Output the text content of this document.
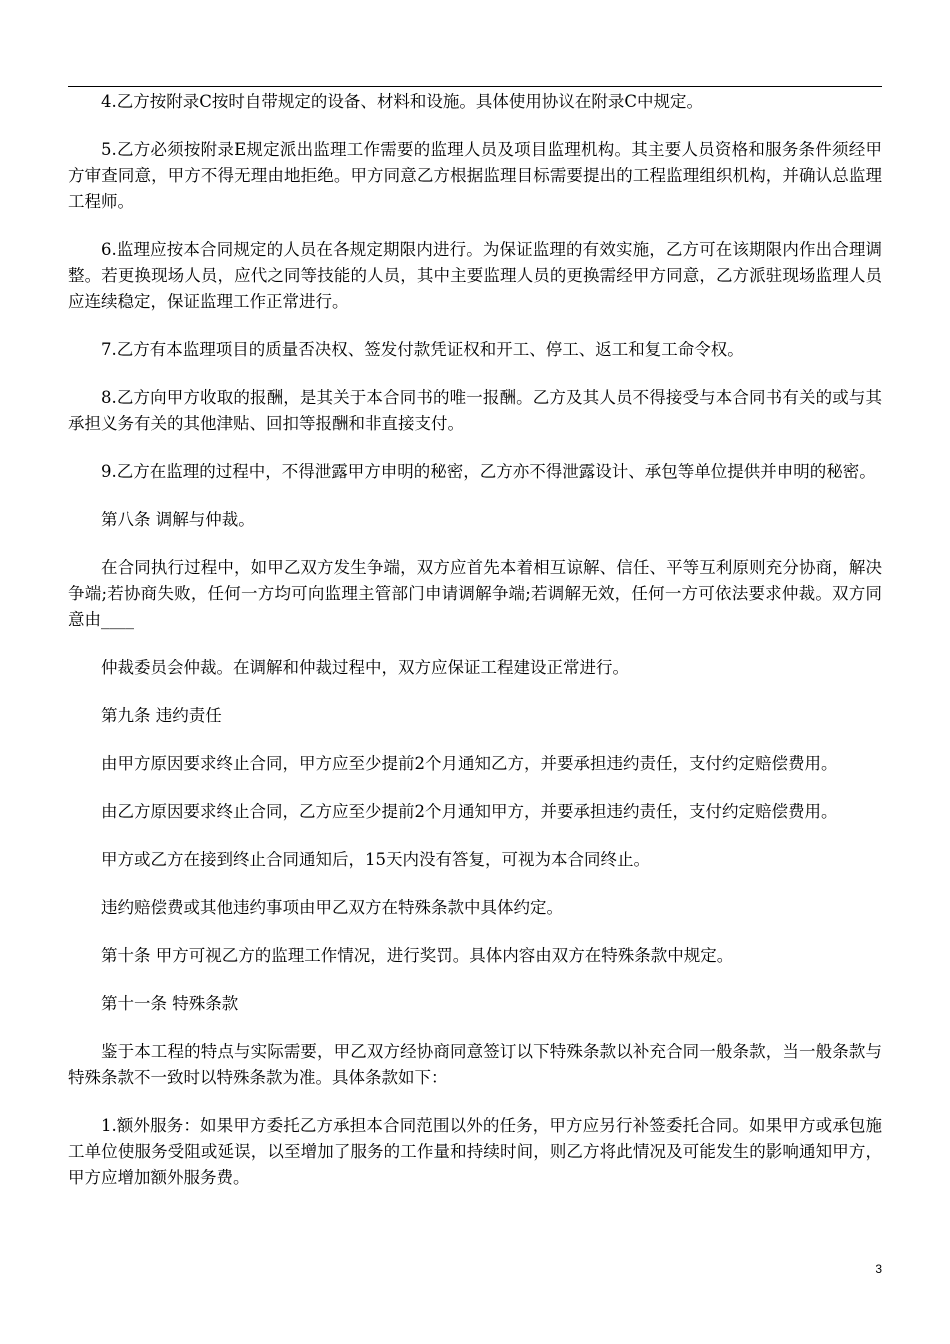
4.乙方按附录C按时自带规定的设备、材料和设施。具体使用协议在附录C中规定。

5.乙方必须按附录E规定派出监理工作需要的监理人员及项目监理机构。其主要人员资格和服务条件须经甲方审查同意，甲方不得无理由地拒绝。甲方同意乙方根据监理目标需要提出的工程监理组织机构，并确认总监理工程师。

6.监理应按本合同规定的人员在各规定期限内进行。为保证监理的有效实施，乙方可在该期限内作出合理调整。若更换现场人员，应代之同等技能的人员，其中主要监理人员的更换需经甲方同意，乙方派驻现场监理人员应连续稳定，保证监理工作正常进行。

7.乙方有本监理项目的质量否决权、签发付款凭证权和开工、停工、返工和复工命令权。

8.乙方向甲方收取的报酬，是其关于本合同书的唯一报酬。乙方及其人员不得接受与本合同书有关的或与其承担义务有关的其他津贴、回扣等报酬和非直接支付。

9.乙方在监理的过程中，不得泄露甲方申明的秘密，乙方亦不得泄露设计、承包等单位提供并申明的秘密。

第八条 调解与仲裁。

在合同执行过程中，如甲乙双方发生争端，双方应首先本着相互谅解、信任、平等互利原则充分协商，解决争端;若协商失败，任何一方均可向监理主管部门申请调解争端;若调解无效，任何一方可依法要求仲裁。双方同意由____

仲裁委员会仲裁。在调解和仲裁过程中，双方应保证工程建设正常进行。

第九条 违约责任

由甲方原因要求终止合同，甲方应至少提前2个月通知乙方，并要承担违约责任，支付约定赔偿费用。

由乙方原因要求终止合同，乙方应至少提前2个月通知甲方，并要承担违约责任，支付约定赔偿费用。

甲方或乙方在接到终止合同通知后，15天内没有答复，可视为本合同终止。

违约赔偿费或其他违约事项由甲乙双方在特殊条款中具体约定。

第十条 甲方可视乙方的监理工作情况，进行奖罚。具体内容由双方在特殊条款中规定。

第十一条 特殊条款

鉴于本工程的特点与实际需要，甲乙双方经协商同意签订以下特殊条款以补充合同一般条款，当一般条款与特殊条款不一致时以特殊条款为准。具体条款如下：

1.额外服务：如果甲方委托乙方承担本合同范围以外的任务，甲方应另行补签委托合同。如果甲方或承包施工单位使服务受阻或延误，以至增加了服务的工作量和持续时间，则乙方将此情况及可能发生的影响通知甲方，甲方应增加额外服务费。

3
